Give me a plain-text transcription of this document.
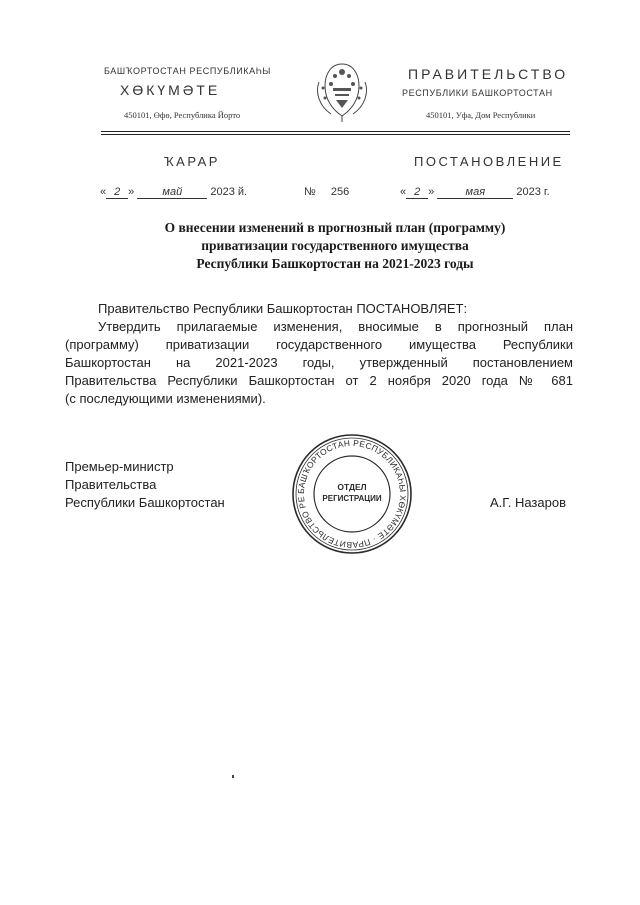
БАШҠОРТОСТАН РЕСПУБЛИКАҺЫ
ХӨКҮМӘТЕ
450101, Өфө, Республика Йорто
ПРАВИТЕЛЬСТВО
РЕСПУБЛИКИ БАШКОРТОСТАН
450101, Уфа, Дом Республики
ҠАРАР	ПОСТАНОВЛЕНИЕ
« 2 »	май	2023 й.	№ 256	« 2 »	мая	2023 г.
О внесении изменений в прогнозный план (программу)
приватизации государственного имущества
Республики Башкортостан на 2021-2023 годы
Правительство Республики Башкортостан ПОСТАНОВЛЯЕТ:
Утвердить прилагаемые изменения, вносимые в прогнозный план
(программу) приватизации государственного имущества Республики
Башкортостан на 2021-2023 годы, утвержденный постановлением
Правительства Республики Башкортостан от 2 ноября 2020 года № 681
(с последующими изменениями).
Премьер-министр
Правительства
Республики Башкортостан	А.Г. Назаров
БАШҠОРТОСТАН РЕСПУБЛИКАҺЫ ХӨКҮМӘТЕ · ПРАВИТЕЛЬСТВО РЕ
ОТДЕЛ
РЕГИСТРАЦИИ
